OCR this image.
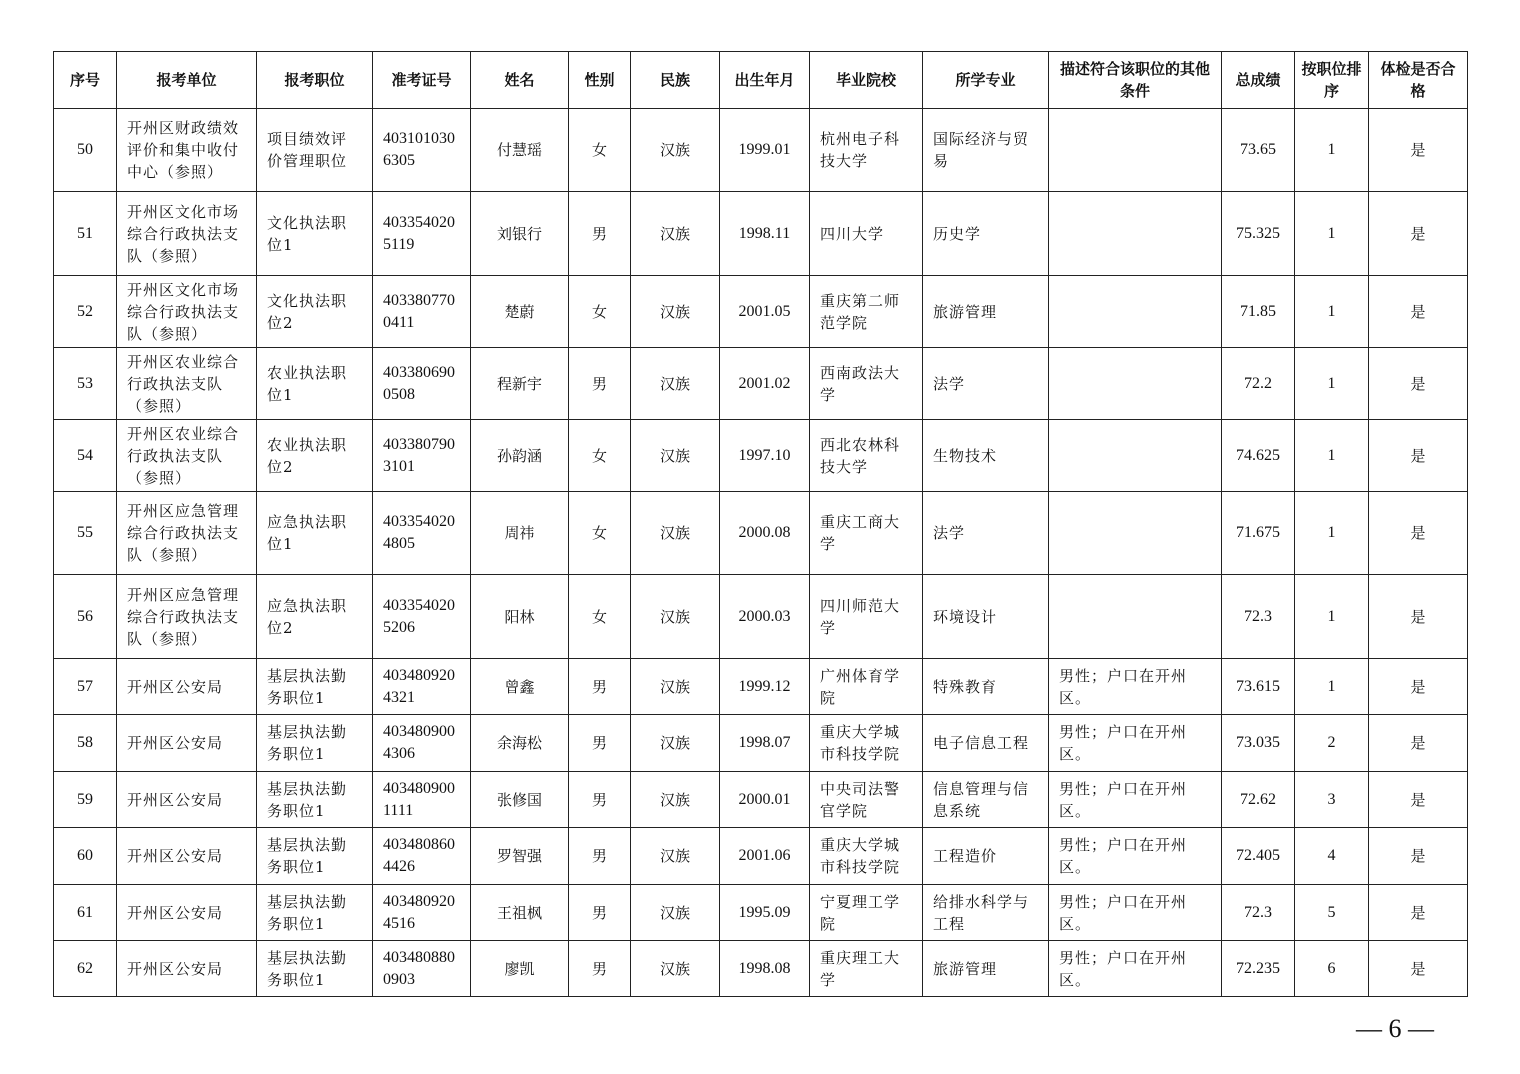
序号	报考单位	报考职位	准考证号	姓名	性别	民族	出生年月	毕业院校	所学专业	描述符合该职位的其他条件	总成绩	按职位排序	体检是否合格
50	开州区财政绩效评价和集中收付中心（参照）	项目绩效评价管理职位	4031010306305	付慧瑶	女	汉族	1999.01	杭州电子科技大学	国际经济与贸易		73.65	1	是
51	开州区文化市场综合行政执法支队（参照）	文化执法职位1	4033540205119	刘银行	男	汉族	1998.11	四川大学	历史学		75.325	1	是
52	开州区文化市场综合行政执法支队（参照）	文化执法职位2	4033807700411	楚蔚	女	汉族	2001.05	重庆第二师范学院	旅游管理		71.85	1	是
53	开州区农业综合行政执法支队（参照）	农业执法职位1	4033806900508	程新宇	男	汉族	2001.02	西南政法大学	法学		72.2	1	是
54	开州区农业综合行政执法支队（参照）	农业执法职位2	4033807903101	孙韵涵	女	汉族	1997.10	西北农林科技大学	生物技术		74.625	1	是
55	开州区应急管理综合行政执法支队（参照）	应急执法职位1	4033540204805	周祎	女	汉族	2000.08	重庆工商大学	法学		71.675	1	是
56	开州区应急管理综合行政执法支队（参照）	应急执法职位2	4033540205206	阳林	女	汉族	2000.03	四川师范大学	环境设计		72.3	1	是
57	开州区公安局	基层执法勤务职位1	4034809204321	曾鑫	男	汉族	1999.12	广州体育学院	特殊教育	男性；户口在开州区。	73.615	1	是
58	开州区公安局	基层执法勤务职位1	4034809004306	余海松	男	汉族	1998.07	重庆大学城市科技学院	电子信息工程	男性；户口在开州区。	73.035	2	是
59	开州区公安局	基层执法勤务职位1	4034809001111	张修国	男	汉族	2000.01	中央司法警官学院	信息管理与信息系统	男性；户口在开州区。	72.62	3	是
60	开州区公安局	基层执法勤务职位1	4034808604426	罗智强	男	汉族	2001.06	重庆大学城市科技学院	工程造价	男性；户口在开州区。	72.405	4	是
61	开州区公安局	基层执法勤务职位1	4034809204516	王祖枫	男	汉族	1995.09	宁夏理工学院	给排水科学与工程	男性；户口在开州区。	72.3	5	是
62	开州区公安局	基层执法勤务职位1	4034808800903	廖凯	男	汉族	1998.08	重庆理工大学	旅游管理	男性；户口在开州区。	72.235	6	是
— 6 —
